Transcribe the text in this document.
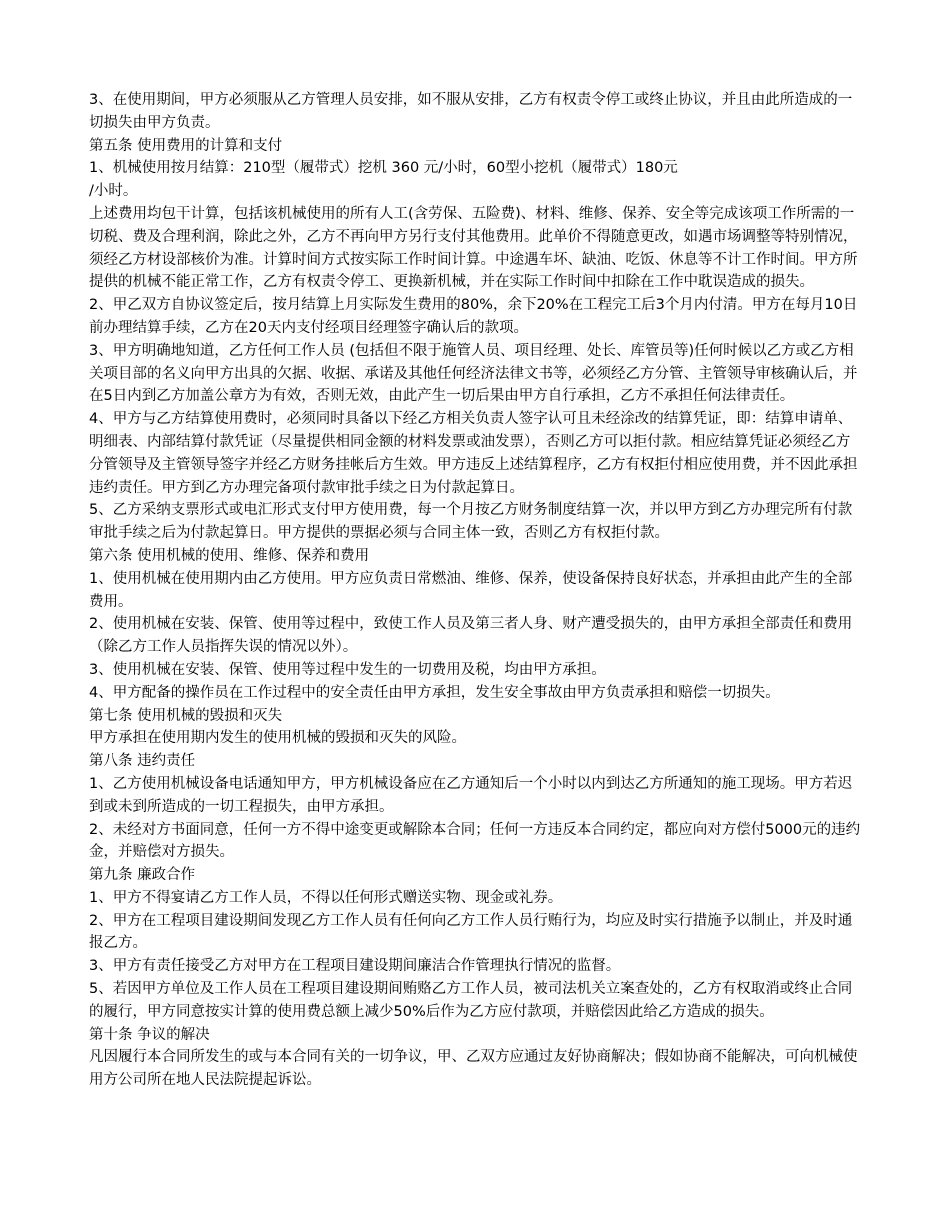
3、在使用期间，甲方必须服从乙方管理人员安排，如不服从安排，乙方有权责令停工或终止协议，并且由此所造成的一切损失由甲方负责。

第五条 使用费用的计算和支付

1、机械使用按月结算：210型（履带式）挖机 360 元/小时，60型小挖机（履带式）180元
/小时。

上述费用均包干计算，包括该机械使用的所有人工(含劳保、五险费)、材料、维修、保养、安全等完成该项工作所需的一切税、费及合理利润，除此之外，乙方不再向甲方另行支付其他费用。此单价不得随意更改，如遇市场调整等特别情况，须经乙方材设部核价为准。计算时间方式按实际工作时间计算。中途遇车坏、缺油、吃饭、休息等不计工作时间。甲方所提供的机械不能正常工作，乙方有权责令停工、更换新机械，并在实际工作时间中扣除在工作中耽误造成的损失。

2、甲乙双方自协议签定后，按月结算上月实际发生费用的80%，余下20%在工程完工后3个月内付清。甲方在每月10日前办理结算手续，乙方在20天内支付经项目经理签字确认后的款项。

3、甲方明确地知道，乙方任何工作人员 (包括但不限于施管人员、项目经理、处长、库管员等)任何时候以乙方或乙方相关项目部的名义向甲方出具的欠据、收据、承诺及其他任何经济法律文书等，必须经乙方分管、主管领导审核确认后，并在5日内到乙方加盖公章方为有效，否则无效，由此产生一切后果由甲方自行承担，乙方不承担任何法律责任。

4、甲方与乙方结算使用费时，必须同时具备以下经乙方相关负责人签字认可且未经涂改的结算凭证，即：结算申请单、明细表、内部结算付款凭证（尽量提供相同金额的材料发票或油发票），否则乙方可以拒付款。相应结算凭证必须经乙方分管领导及主管领导签字并经乙方财务挂帐后方生效。甲方违反上述结算程序，乙方有权拒付相应使用费，并不因此承担违约责任。甲方到乙方办理完备项付款审批手续之日为付款起算日。

5、乙方采纳支票形式或电汇形式支付甲方使用费，每一个月按乙方财务制度结算一次，并以甲方到乙方办理完所有付款审批手续之后为付款起算日。甲方提供的票据必须与合同主体一致，否则乙方有权拒付款。

第六条 使用机械的使用、维修、保养和费用

1、使用机械在使用期内由乙方使用。甲方应负责日常燃油、维修、保养，使设备保持良好状态，并承担由此产生的全部费用。

2、使用机械在安装、保管、使用等过程中，致使工作人员及第三者人身、财产遭受损失的，由甲方承担全部责任和费用（除乙方工作人员指挥失误的情况以外）。

3、使用机械在安装、保管、使用等过程中发生的一切费用及税，均由甲方承担。

4、甲方配备的操作员在工作过程中的安全责任由甲方承担，发生安全事故由甲方负责承担和赔偿一切损失。

第七条 使用机械的毁损和灭失

甲方承担在使用期内发生的使用机械的毁损和灭失的风险。

第八条 违约责任

1、乙方使用机械设备电话通知甲方，甲方机械设备应在乙方通知后一个小时以内到达乙方所通知的施工现场。甲方若迟到或未到所造成的一切工程损失，由甲方承担。

2、未经对方书面同意，任何一方不得中途变更或解除本合同；任何一方违反本合同约定，都应向对方偿付5000元的违约金，并赔偿对方损失。

第九条 廉政合作

1、甲方不得宴请乙方工作人员，不得以任何形式赠送实物、现金或礼券。

2、甲方在工程项目建设期间发现乙方工作人员有任何向乙方工作人员行贿行为，均应及时实行措施予以制止，并及时通报乙方。

3、甲方有责任接受乙方对甲方在工程项目建设期间廉洁合作管理执行情况的监督。

5、若因甲方单位及工作人员在工程项目建设期间贿赂乙方工作人员，被司法机关立案查处的，乙方有权取消或终止合同的履行，甲方同意按实计算的使用费总额上减少50%后作为乙方应付款项，并赔偿因此给乙方造成的损失。

第十条 争议的解决

凡因履行本合同所发生的或与本合同有关的一切争议，甲、乙双方应通过友好协商解决；假如协商不能解决，可向机械使用方公司所在地人民法院提起诉讼。
